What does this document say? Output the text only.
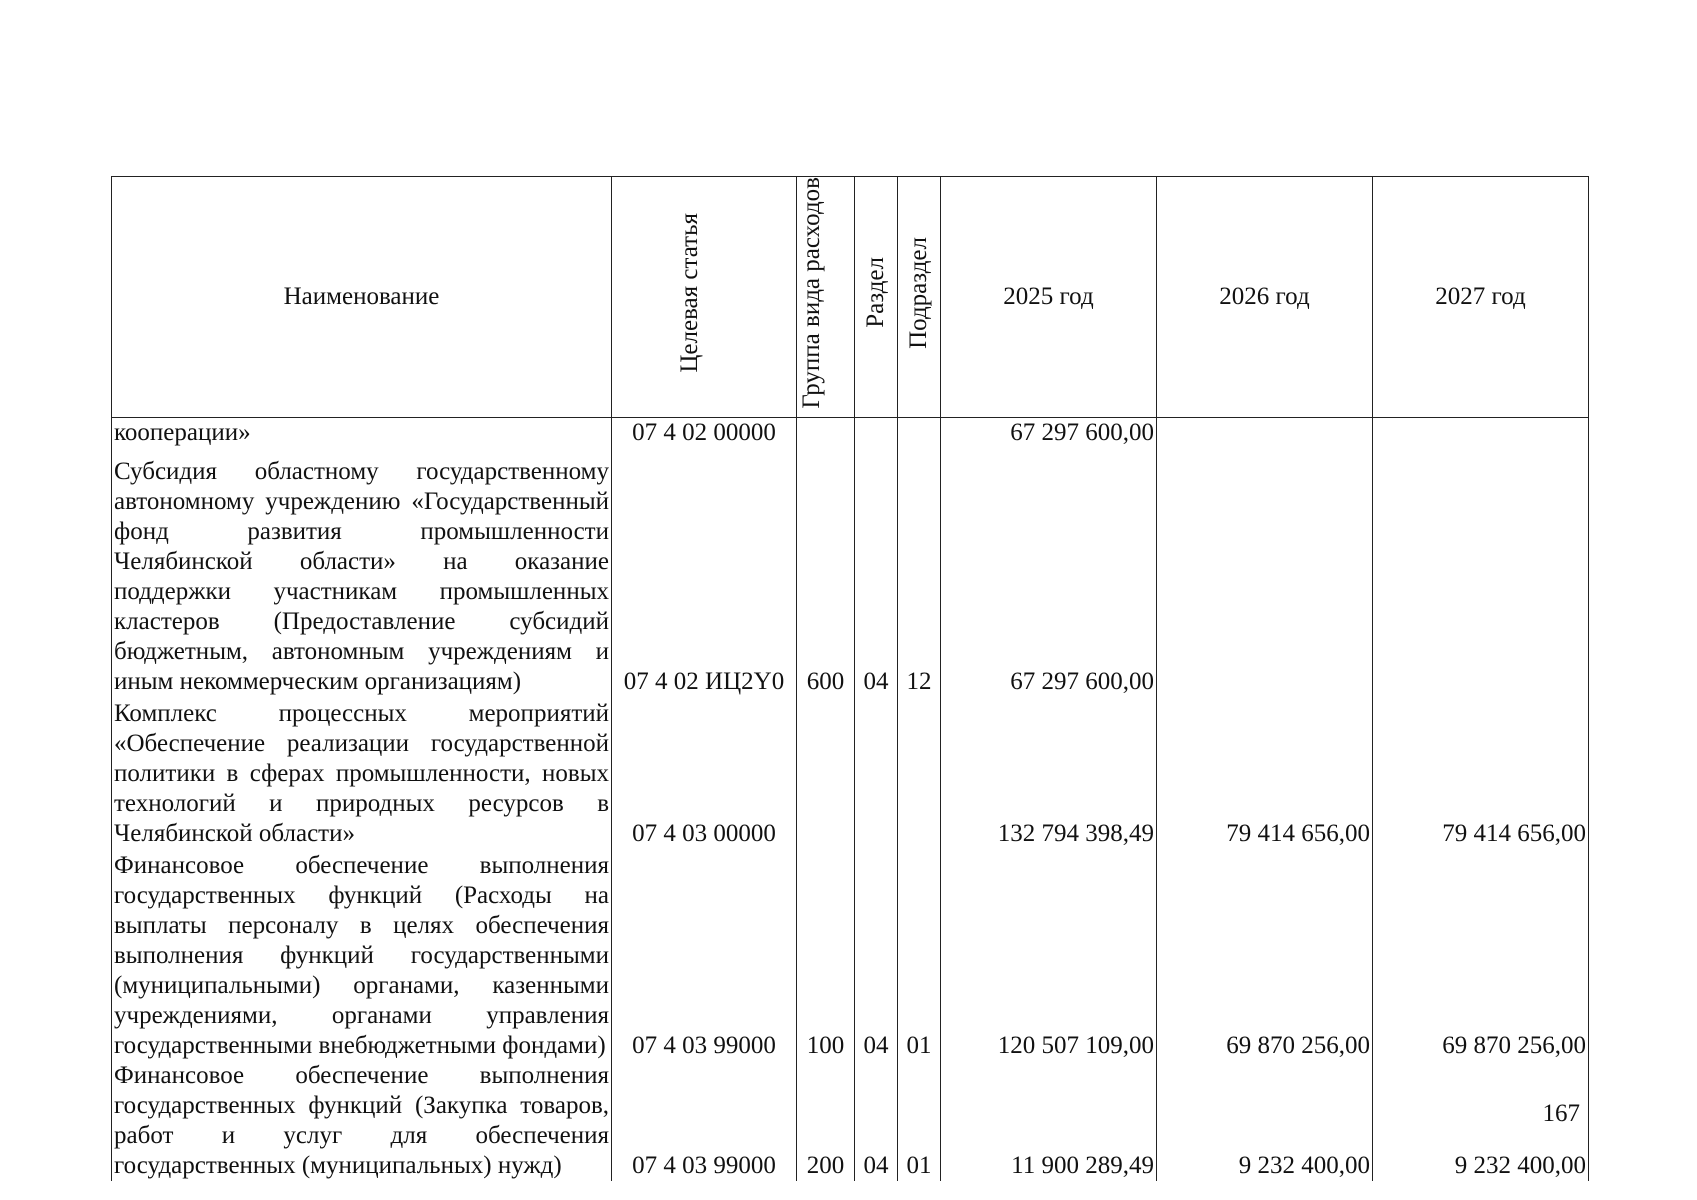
Наименование	Целевая статья	Группа вида расходов	Раздел	Подраздел	2025 год	2026 год	2027 год
кооперации»	07 4 02 00000				67 297 600,00		
Субсидия областному государственному автономному учреждению «Государственный фонд развития промышленности Челябинской области» на оказание поддержки участникам промышленных кластеров (Предоставление субсидий бюджетным, автономным учреждениям и иным некоммерческим организациям)	07 4 02 ИЦ2Y0	600	04	12	67 297 600,00		
Комплекс процессных мероприятий «Обеспечение реализации государственной политики в сферах промышленности, новых технологий и природных ресурсов в Челябинской области»	07 4 03 00000				132 794 398,49	79 414 656,00	79 414 656,00
Финансовое обеспечение выполнения государственных функций (Расходы на выплаты персоналу в целях обеспечения выполнения функций государственными (муниципальными) органами, казенными учреждениями, органами управления государственными внебюджетными фондами)	07 4 03 99000	100	04	01	120 507 109,00	69 870 256,00	69 870 256,00
Финансовое обеспечение выполнения государственных функций (Закупка товаров, работ и услуг для обеспечения государственных (муниципальных) нужд)	07 4 03 99000	200	04	01	11 900 289,49	9 232 400,00	9 232 400,00
167
